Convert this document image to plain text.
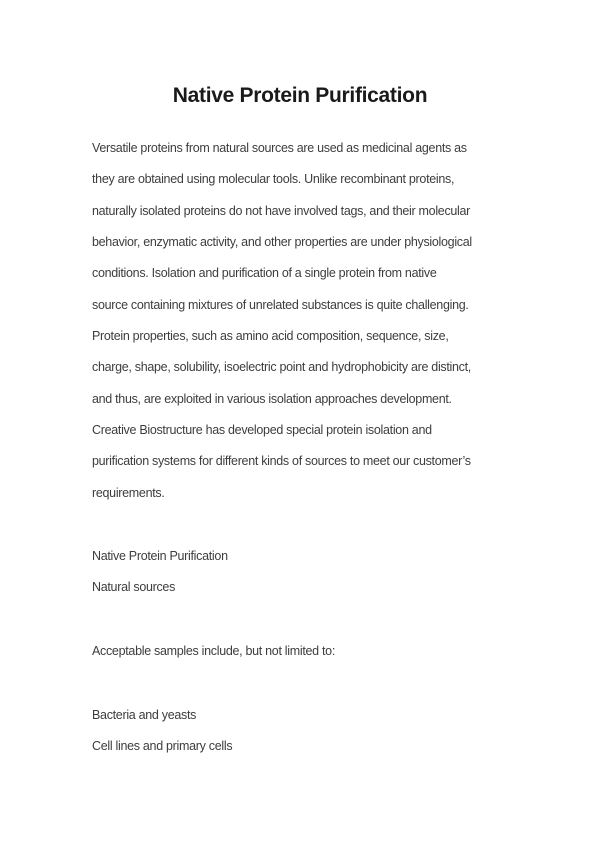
Native Protein Purification
Versatile proteins from natural sources are used as medicinal agents as
they are obtained using molecular tools. Unlike recombinant proteins,
naturally isolated proteins do not have involved tags, and their molecular
behavior, enzymatic activity, and other properties are under physiological
conditions. Isolation and purification of a single protein from native
source containing mixtures of unrelated substances is quite challenging.
Protein properties, such as amino acid composition, sequence, size,
charge, shape, solubility, isoelectric point and hydrophobicity are distinct,
and thus, are exploited in various isolation approaches development.
Creative Biostructure has developed special protein isolation and
purification systems for different kinds of sources to meet our customer’s
requirements.
Native Protein Purification
Natural sources
Acceptable samples include, but not limited to:
Bacteria and yeasts
Cell lines and primary cells
